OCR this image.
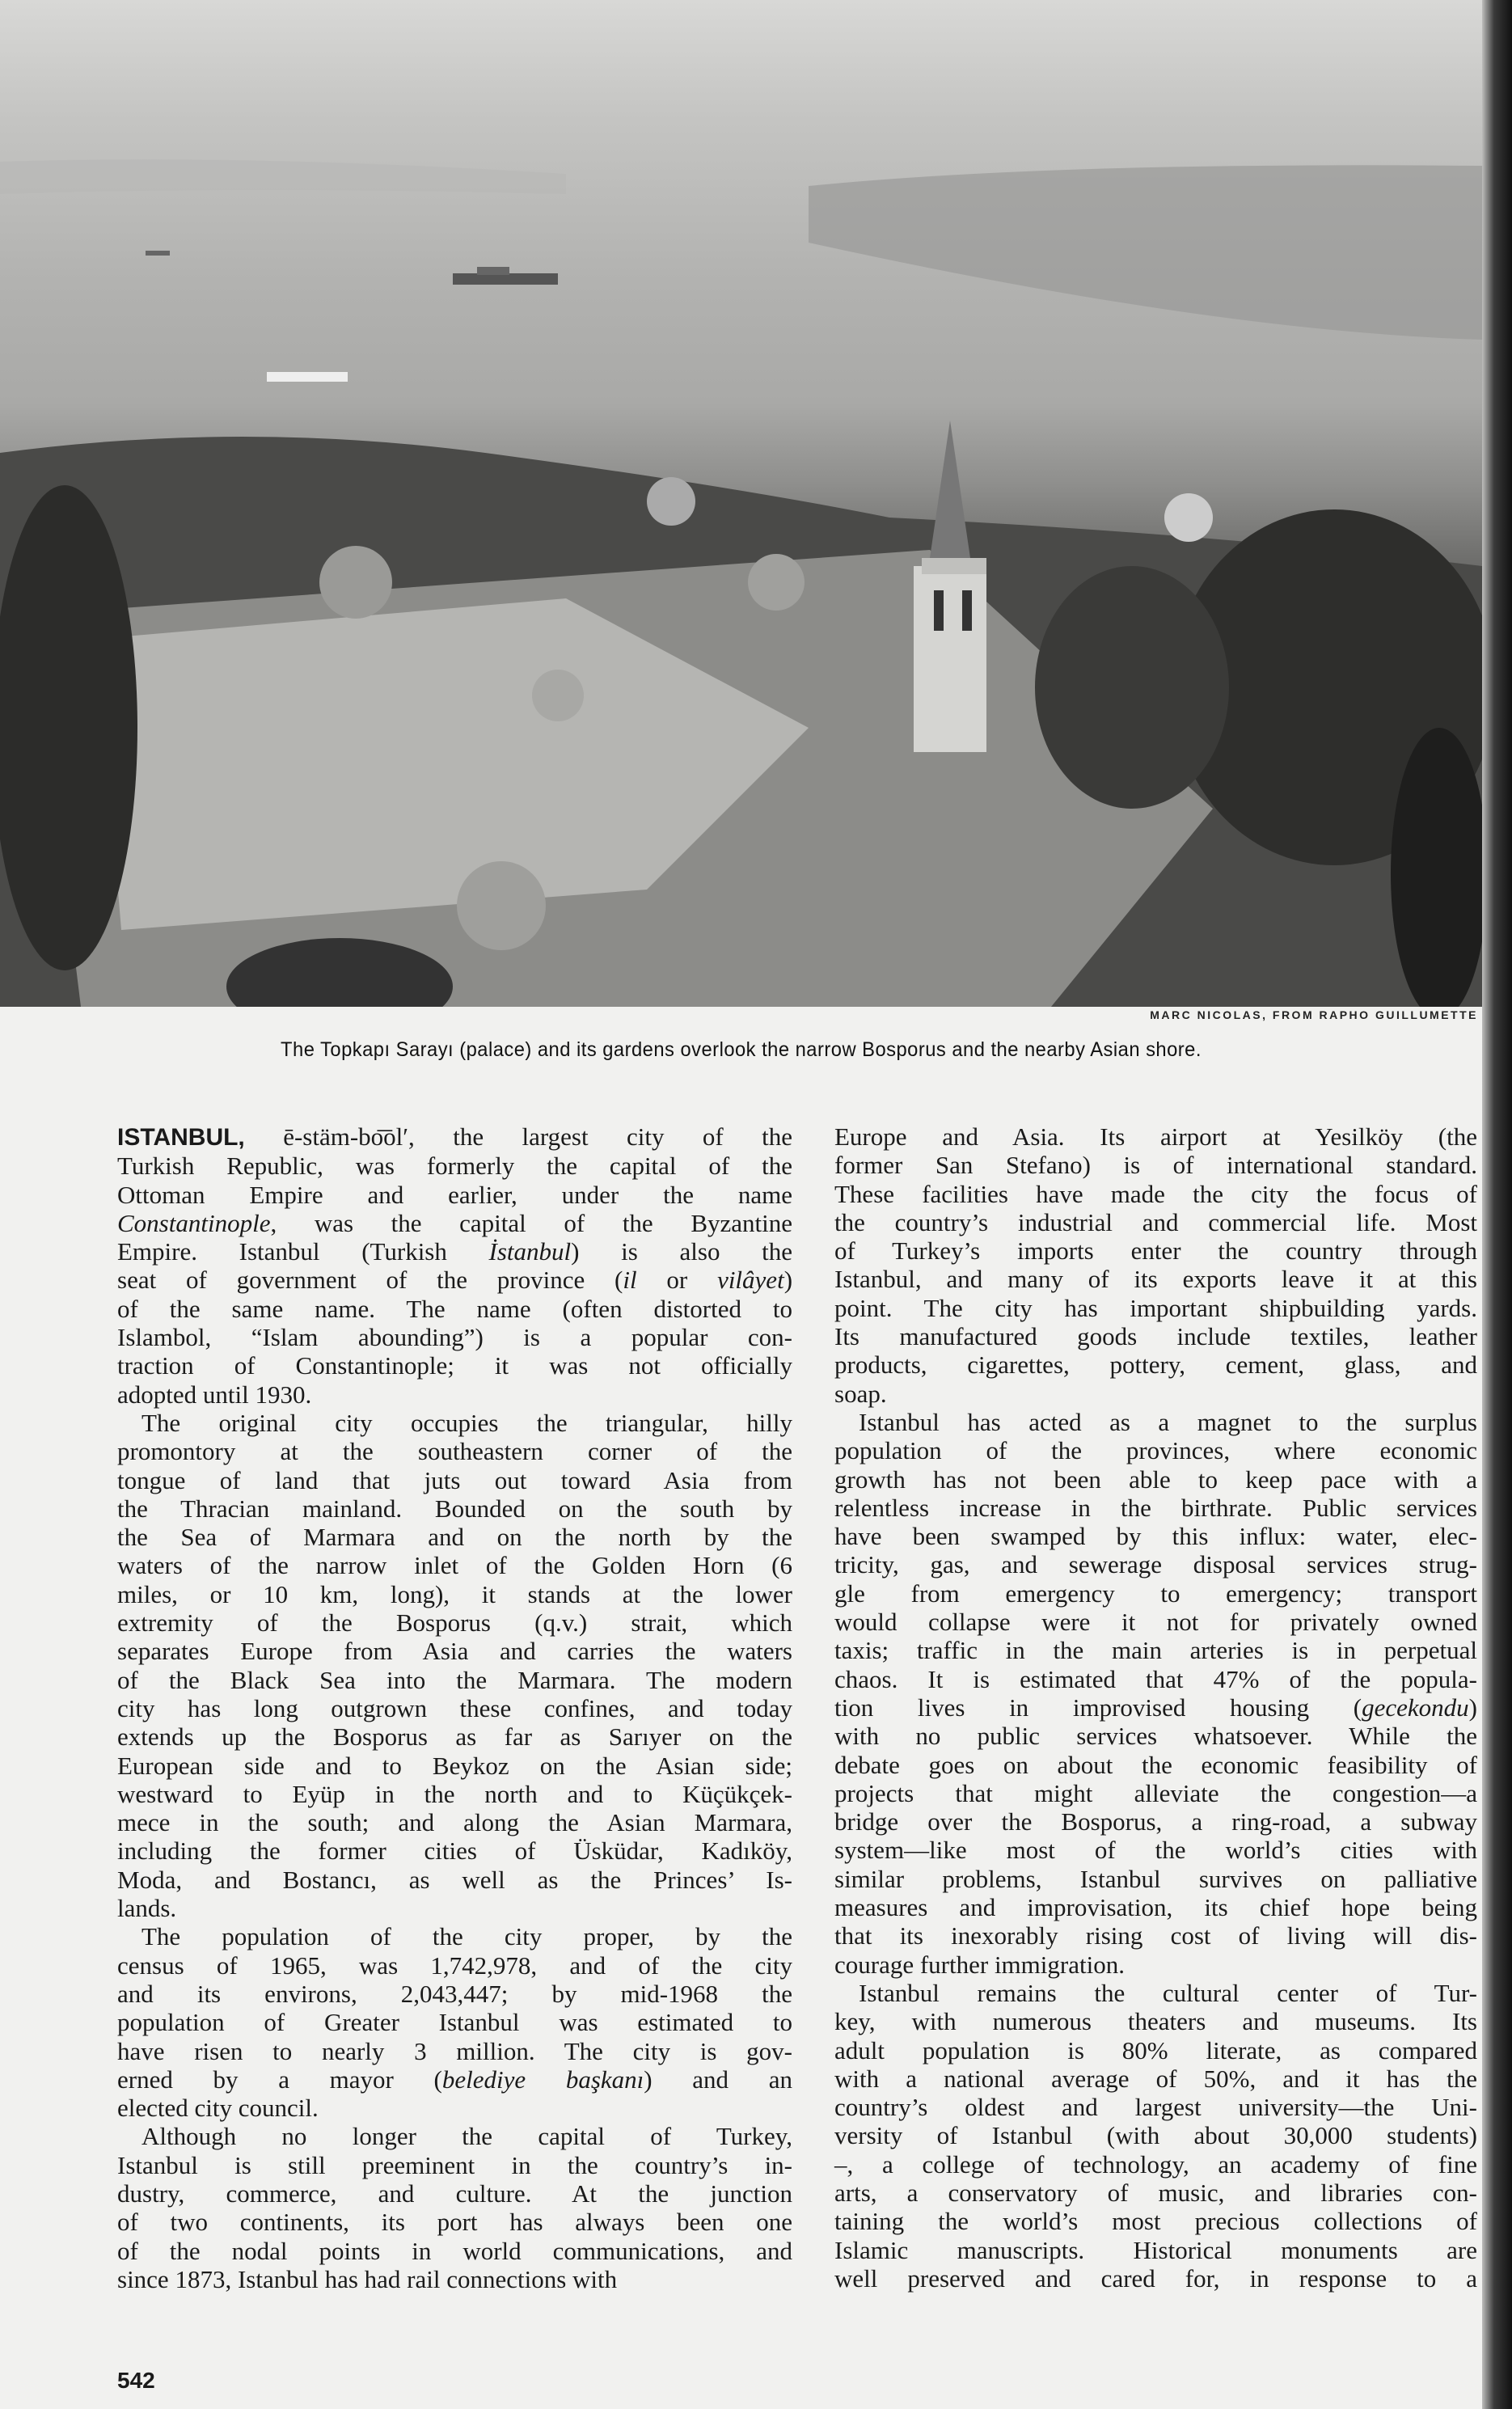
MARC NICOLAS, FROM RAPHO GUILLUMETTE
The Topkapı Sarayı (palace) and its gardens overlook the narrow Bosporus and the nearby Asian shore.
ISTANBUL, ē-stäm-bo͞ol′, the largest city of the
Turkish Republic, was formerly the capital of the
Ottoman Empire and earlier, under the name
Constantinople, was the capital of the Byzantine
Empire. Istanbul (Turkish İstanbul) is also the
seat of government of the province (il or vilâyet)
of the same name. The name (often distorted to
Islambol, “Islam abounding”) is a popular con-
traction of Constantinople; it was not officially
adopted until 1930.
The original city occupies the triangular, hilly
promontory at the southeastern corner of the
tongue of land that juts out toward Asia from
the Thracian mainland. Bounded on the south by
the Sea of Marmara and on the north by the
waters of the narrow inlet of the Golden Horn (6
miles, or 10 km, long), it stands at the lower
extremity of the Bosporus (q.v.) strait, which
separates Europe from Asia and carries the waters
of the Black Sea into the Marmara. The modern
city has long outgrown these confines, and today
extends up the Bosporus as far as Sarıyer on the
European side and to Beykoz on the Asian side;
westward to Eyüp in the north and to Küçükçek-
mece in the south; and along the Asian Marmara,
including the former cities of Üsküdar, Kadıköy,
Moda, and Bostancı, as well as the Princes’ Is-
lands.
The population of the city proper, by the
census of 1965, was 1,742,978, and of the city
and its environs, 2,043,447; by mid-1968 the
population of Greater Istanbul was estimated to
have risen to nearly 3 million. The city is gov-
erned by a mayor (belediye başkanı) and an
elected city council.
Although no longer the capital of Turkey,
Istanbul is still preeminent in the country’s in-
dustry, commerce, and culture. At the junction
of two continents, its port has always been one
of the nodal points in world communications, and
since 1873, Istanbul has had rail connections with
Europe and Asia. Its airport at Yesilköy (the
former San Stefano) is of international standard.
These facilities have made the city the focus of
the country’s industrial and commercial life. Most
of Turkey’s imports enter the country through
Istanbul, and many of its exports leave it at this
point. The city has important shipbuilding yards.
Its manufactured goods include textiles, leather
products, cigarettes, pottery, cement, glass, and
soap.
Istanbul has acted as a magnet to the surplus
population of the provinces, where economic
growth has not been able to keep pace with a
relentless increase in the birthrate. Public services
have been swamped by this influx: water, elec-
tricity, gas, and sewerage disposal services strug-
gle from emergency to emergency; transport
would collapse were it not for privately owned
taxis; traffic in the main arteries is in perpetual
chaos. It is estimated that 47% of the popula-
tion lives in improvised housing (gecekondu)
with no public services whatsoever. While the
debate goes on about the economic feasibility of
projects that might alleviate the congestion—a
bridge over the Bosporus, a ring-road, a subway
system—like most of the world’s cities with
similar problems, Istanbul survives on palliative
measures and improvisation, its chief hope being
that its inexorably rising cost of living will dis-
courage further immigration.
Istanbul remains the cultural center of Tur-
key, with numerous theaters and museums. Its
adult population is 80% literate, as compared
with a national average of 50%, and it has the
country’s oldest and largest university—the Uni-
versity of Istanbul (with about 30,000 students)
–, a college of technology, an academy of fine
arts, a conservatory of music, and libraries con-
taining the world’s most precious collections of
Islamic manuscripts. Historical monuments are
well preserved and cared for, in response to a
542
